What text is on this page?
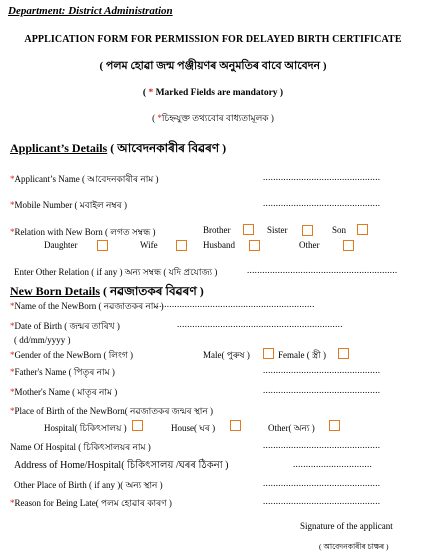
Department: District Administration
APPLICATION FORM FOR PERMISSION FOR DELAYED BIRTH CERTIFICATE
( পলম হোৱা জন্ম পঞ্জীয়ণৰ অনুমতিৰ বাবে আবেদন )
( * Marked Fields are mandatory )
( *চিহ্নযুক্ত তথ্যবোৰ বাধ্যতামূলক )
Applicant’s Details ( আবেদনকাৰীৰ বিৱৰণ )
*Applicant’s Name ( আবেদনকাৰীৰ নাম )	..............................................
*Mobile Number ( মবাইল নম্বৰ )	..............................................
*Relation with New Born ( লগত সম্বন্ধ )	Brother	Sister	Son
Daughter	Wife	Husband	Other
Enter Other Relation ( if any ) অন্য সম্বন্ধ ( যদি প্ৰযোজ্য )	...........................................................
New Born Details ( নৱজাতকৰ বিৱৰণ )
*Name of the NewBorn ( নৱজাতকৰ নাম )
...............................................................
*Date of Birth ( জন্মৰ তাৰিখ )	.................................................................
( dd/mm/yyyy )
*Gender of the NewBorn ( লিংগ )	Male( পুৰুষ )	Female ( স্ত্ৰী )
*Father's Name ( পিতৃৰ নাম )	..............................................
*Mother's Name ( মাতৃৰ নাম )	..............................................
*Place of Birth of the NewBorn( নৱজাতকৰ জন্মৰ স্থান )
Hospital( চিকিৎসালয় )	House( ঘৰ )	Other( অন্য )
Name Of Hospital ( চিকিৎসালয়ৰ নাম )	..............................................
Address of Home/Hospital( চিকিৎসালয় /ঘৰৰ ঠিকনা )	...............................
Other Place of Birth ( if any )( অন্য স্থান )	..............................................
*Reason for Being Late( পলম হোৱাৰ কাৰণ )	..............................................
Signature of the applicant
( আবেদনকাৰীৰ চাক্ষৰ )
